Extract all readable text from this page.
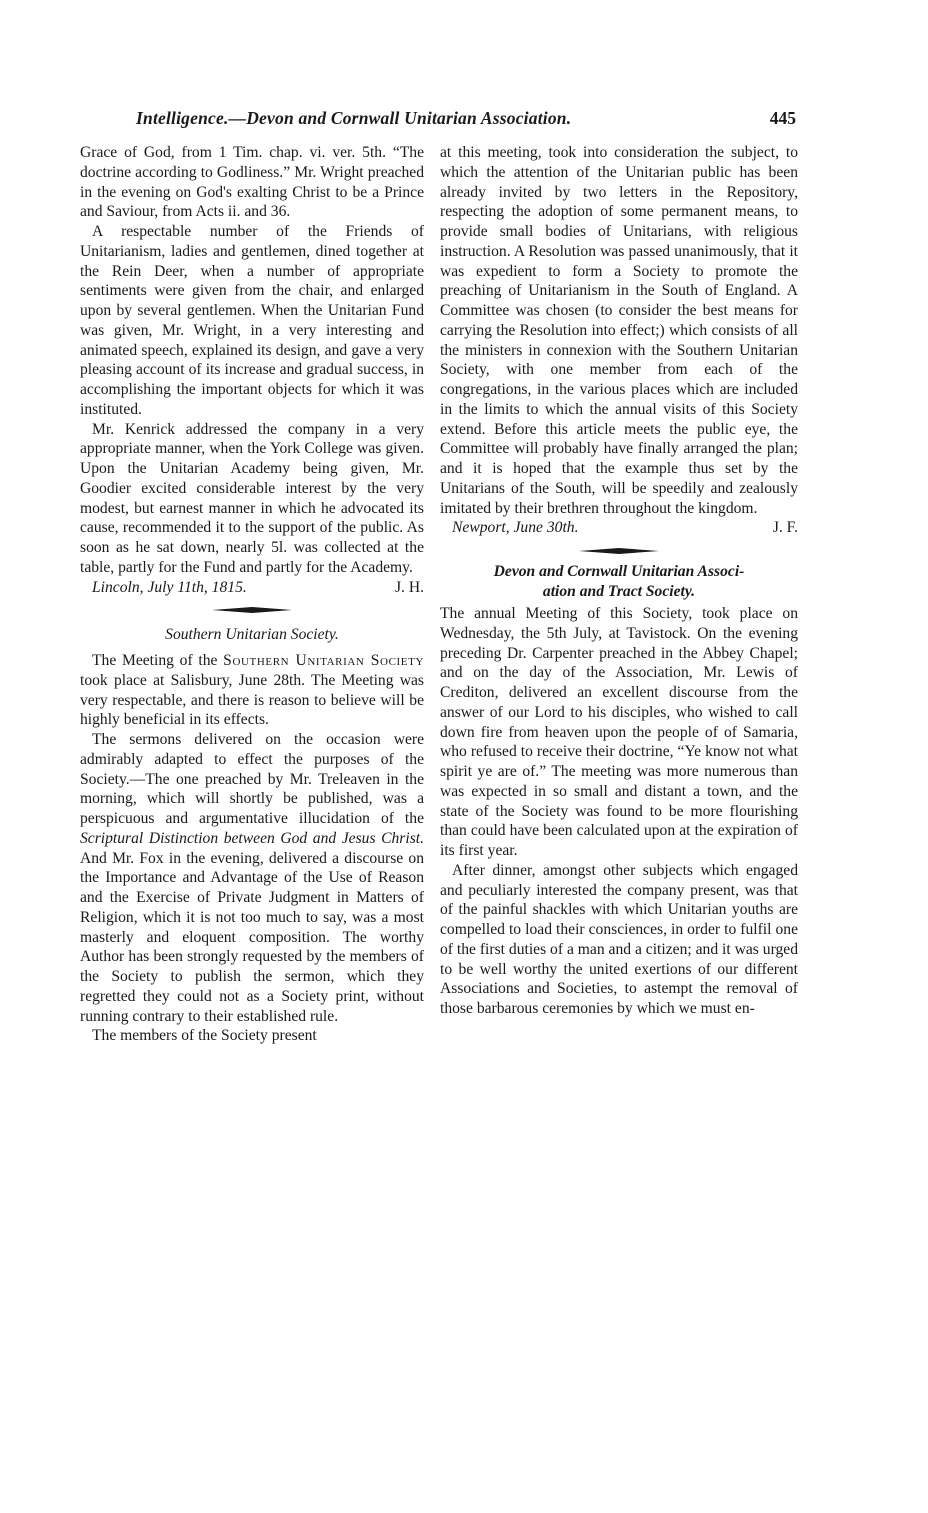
Intelligence.—Devon and Cornwall Unitarian Association.	445

Grace of God, from 1 Tim. chap. vi. ver. 5th. “The doctrine according to Godliness.” Mr. Wright preached in the evening on God's exalting Christ to be a Prince and Saviour, from Acts ii. and 36.

A respectable number of the Friends of Unitarianism, ladies and gentlemen, dined together at the Rein Deer, when a number of appropriate sentiments were given from the chair, and enlarged upon by several gentlemen. When the Unitarian Fund was given, Mr. Wright, in a very interesting and animated speech, explained its design, and gave a very pleasing account of its increase and gradual success, in accomplishing the important objects for which it was instituted.

Mr. Kenrick addressed the company in a very appropriate manner, when the York College was given. Upon the Unitarian Academy being given, Mr. Goodier excited considerable interest by the very modest, but earnest manner in which he advocated its cause, recommended it to the support of the public. As soon as he sat down, nearly 5l. was collected at the table, partly for the Fund and partly for the Academy.

Lincoln, July 11th, 1815.	J. H.
Southern Unitarian Society.

The Meeting of the Southern Unitarian Society took place at Salisbury, June 28th. The Meeting was very respectable, and there is reason to believe will be highly beneficial in its effects.

The sermons delivered on the occasion were admirably adapted to effect the purposes of the Society.—The one preached by Mr. Treleaven in the morning, which will shortly be published, was a perspicuous and argumentative illucidation of the Scriptural Distinction between God and Jesus Christ. And Mr. Fox in the evening, delivered a discourse on the Importance and Advantage of the Use of Reason and the Exercise of Private Judgment in Matters of Religion, which it is not too much to say, was a most masterly and eloquent composition. The worthy Author has been strongly requested by the members of the Society to publish the sermon, which they regretted they could not as a Society print, without running contrary to their established rule.

The members of the Society present

at this meeting, took into consideration the subject, to which the attention of the Unitarian public has been already invited by two letters in the Repository, respecting the adoption of some permanent means, to provide small bodies of Unitarians, with religious instruction. A Resolution was passed unanimously, that it was expedient to form a Society to promote the preaching of Unitarianism in the South of England. A Committee was chosen (to consider the best means for carrying the Resolution into effect;) which consists of all the ministers in connexion with the Southern Unitarian Society, with one member from each of the congregations, in the various places which are included in the limits to which the annual visits of this Society extend. Before this article meets the public eye, the Committee will probably have finally arranged the plan; and it is hoped that the example thus set by the Unitarians of the South, will be speedily and zealously imitated by their brethren throughout the kingdom.

Newport, June 30th.	J. F.
Devon and Cornwall Unitarian Associ-
ation and Tract Society.

The annual Meeting of this Society, took place on Wednesday, the 5th July, at Tavistock. On the evening preceding Dr. Carpenter preached in the Abbey Chapel; and on the day of the Association, Mr. Lewis of Crediton, delivered an excellent discourse from the answer of our Lord to his disciples, who wished to call down fire from heaven upon the people of of Samaria, who refused to receive their doctrine, “Ye know not what spirit ye are of.” The meeting was more numerous than was expected in so small and distant a town, and the state of the Society was found to be more flourishing than could have been calculated upon at the expiration of its first year.

After dinner, amongst other subjects which engaged and peculiarly interested the company present, was that of the painful shackles with which Unitarian youths are compelled to load their consciences, in order to fulfil one of the first duties of a man and a citizen; and it was urged to be well worthy the united exertions of our different Associations and Societies, to astempt the removal of those barbarous ceremonies by which we must en-
